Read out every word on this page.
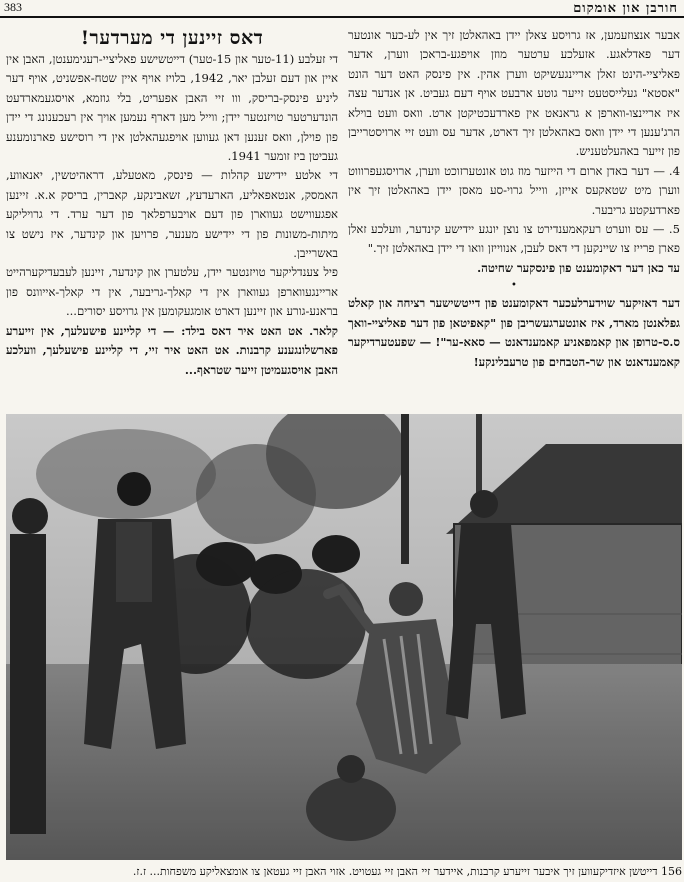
383	חורבן און אומקום

אבער אנצוזעמען, אז גרויסע צאלן יידן באהאלטן זיך אין לע-כער אונטער דער פאדלאגע. אזעלכע ערטער מוזן אויפגע-בראכן ווערן, אדער פאליציי-הינט זאלן אריינגעשיקט ווערן אהין. אין פינסק האט דער הונט "אסטא" געלייסטעט זייער גוטע ארבעט אויף דעם געביט. אן אנדער עצה איז אריינצו-ווארפן א גראנאט אין פארדעכטיקטן ארט. וואס וועט בוילא הרג'ענען די יידן וואס באהאלטן זיך דארט, אדער עס וועט זיי ארויסטרייבן פון זייער באהעלטעניש.

4. — דער באדן ארום די הייזער מוז גוט אונטערזוכט ווערן, ארויסגעפרוווט ווערן מיט שטאקעס אייזן, ווייל גרוי-סע מאסן יידן באהאלטן זיך אין פארדעקטע גריבער.

5. — עס ווערט רעקאמענדירט צו נוצן יונגע יידישע קינדער, וועלכע זאלן פארן פרייז צו שיינקען די דאס לעבן, אנווייזן וואו די יידן באהאלטן זיך."

עד כאן דער דאקומענט פון פינסקער שחיטה.

•

דער דאזיקער שוידערלעכער דאקומענט פון דייטשישער רציחה און קאלט גפלאנטן מארד, איז אונטערגעשריבן פון "קאפיטאן פון דער פאליציי-וואך ס.ס-טרופן און קאמפאניע קאמענדאנט — סאא-ער"! — שפעטערדיקער קאמענדאנט און שר-הטבחים פון טרעבלינקע!

דאס זיינען די מערדער!

די זעלבע (11-טער און 15-טער) דייטשישע פאליציי-רעגימענטן, האבן אין איין און דעם זעלבן יאר, 1942, בלויז אויף איין שטח-אפשניט, אויף דער ליניע פינסק-בריסק, ווו זיי האבן אפעריט, בלי גוזמא, אויסגעמארדעט הונדערטער טויזנטער יידן; ווייל מען דארף נעמען אויך אין רעכענונג די יידן פון פוילן, וואס זענען דאן געווען אויפגעהאלטן אין די רוסישע פארנומענע געביטן ביז זומער 1941.

די אלטע יידישע קהלות — פינסק, מאטעלע, דראהיטשין, יאנאווע, האמסק, אנטאפאליע, הארעדעץ, זשאבינקע, קאברין, בריסק א.א. זיינען אפגעווישט געווארן פון דעם אויבערפלאך פון דער ערד. די גרויליקע מיתות-משונות פון די יידישע מענער, פרויען און קינדער, איז נישט צו באשרייבן.

פיל צענדליקער טויזנטער יידן, עלטערן און קינדער, זיינען לעבעדיקערהייט אריינגעווארפן געווארן אין די קאלך-גריבער, אין די קאלך-אייוונס פון בראנע-גורע און זיינען דארט אומגעקומען אין גרויסע יסורים...

קלאר. אט האט איר דאס בילד: — די קליינע פישעלעך, אין זייערע פארשלונגענע קרבנות. אט האט איר זיי, די קליינע פישעלעך, וועלכע האבן אויסגעמיטן זייער שטראף...

156 דייטשן איזדיקעווען זיך איבער זייערע קרבנות, איידער זיי האבן זיי געטויט. אזוי האבן זיי געטאן צו אומצאליקע משפחות... ז.ז.
